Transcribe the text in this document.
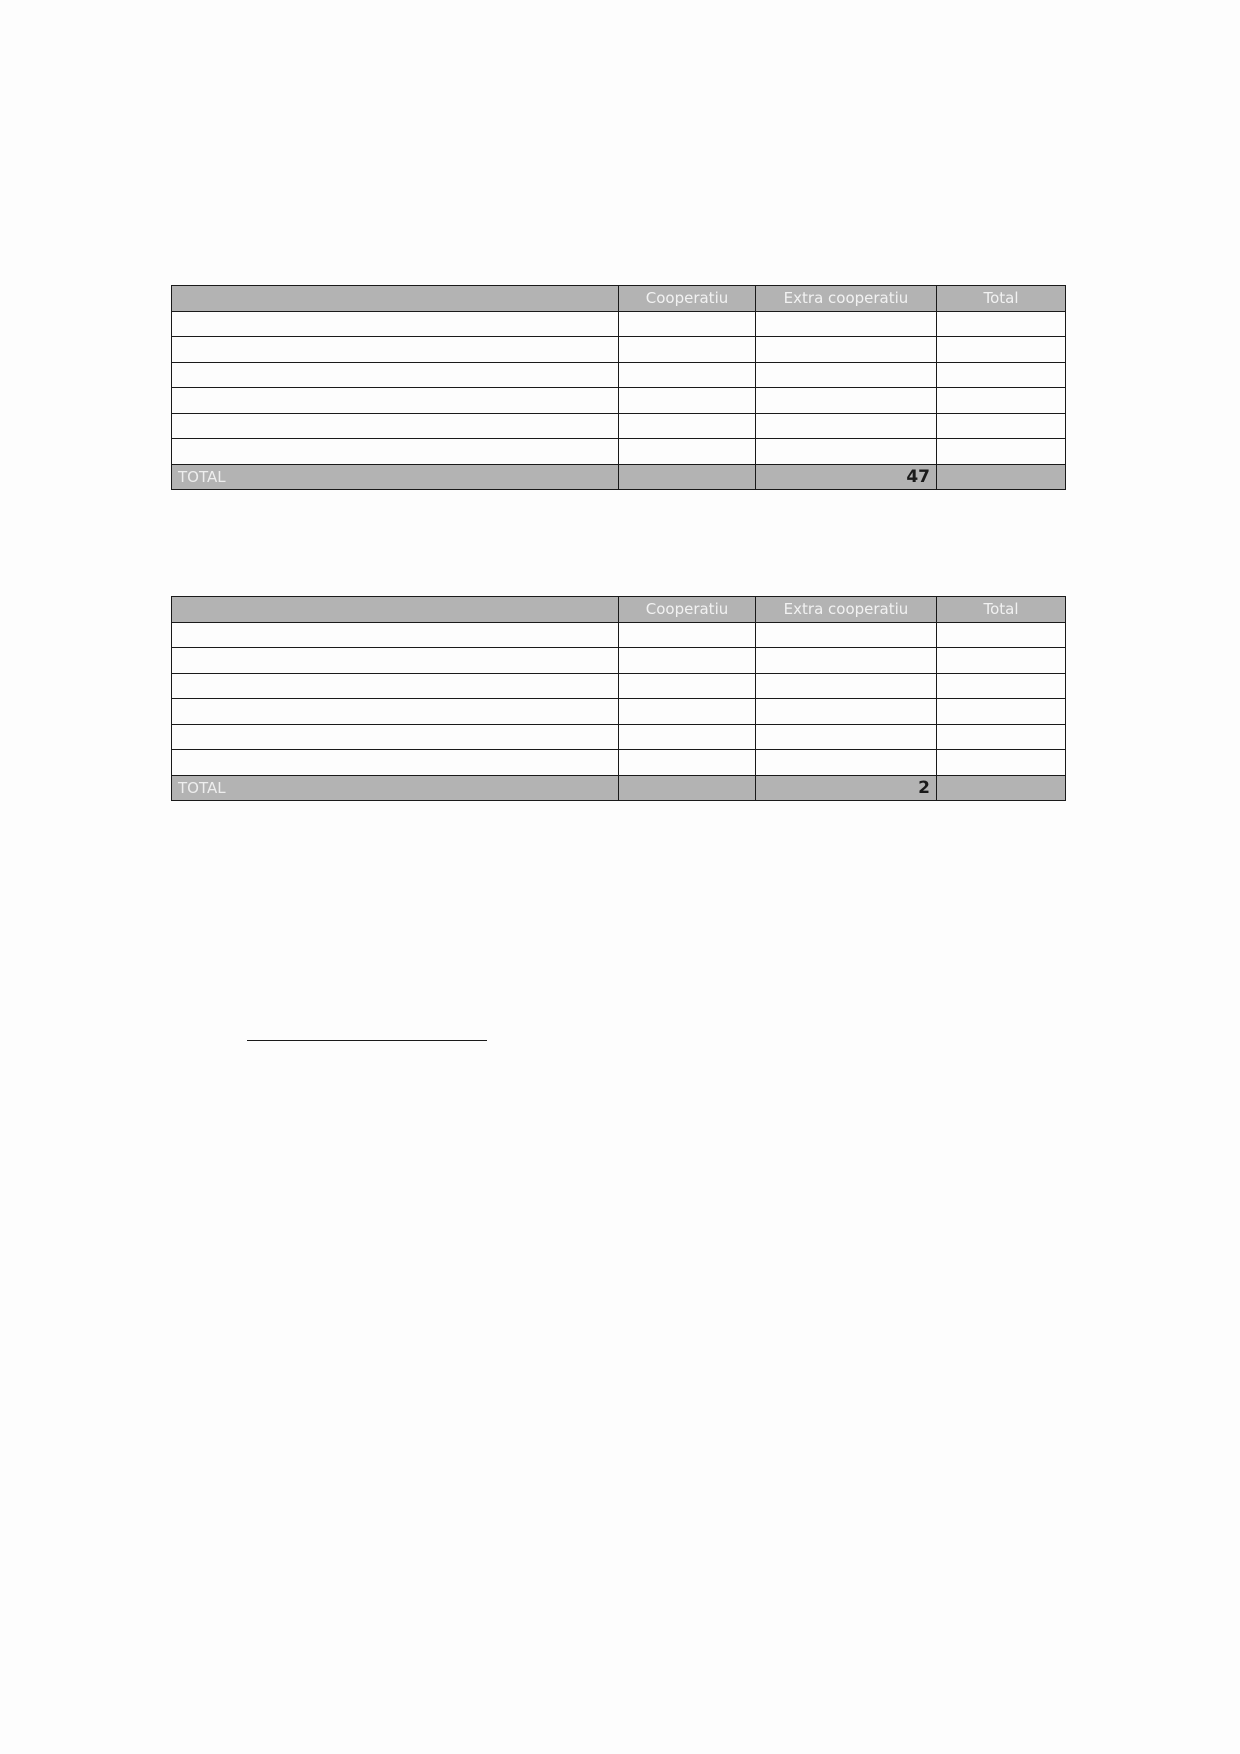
	Cooperatiu	Extra cooperatiu	Total

TOTAL		47	
	Cooperatiu	Extra cooperatiu	Total

TOTAL		2	
